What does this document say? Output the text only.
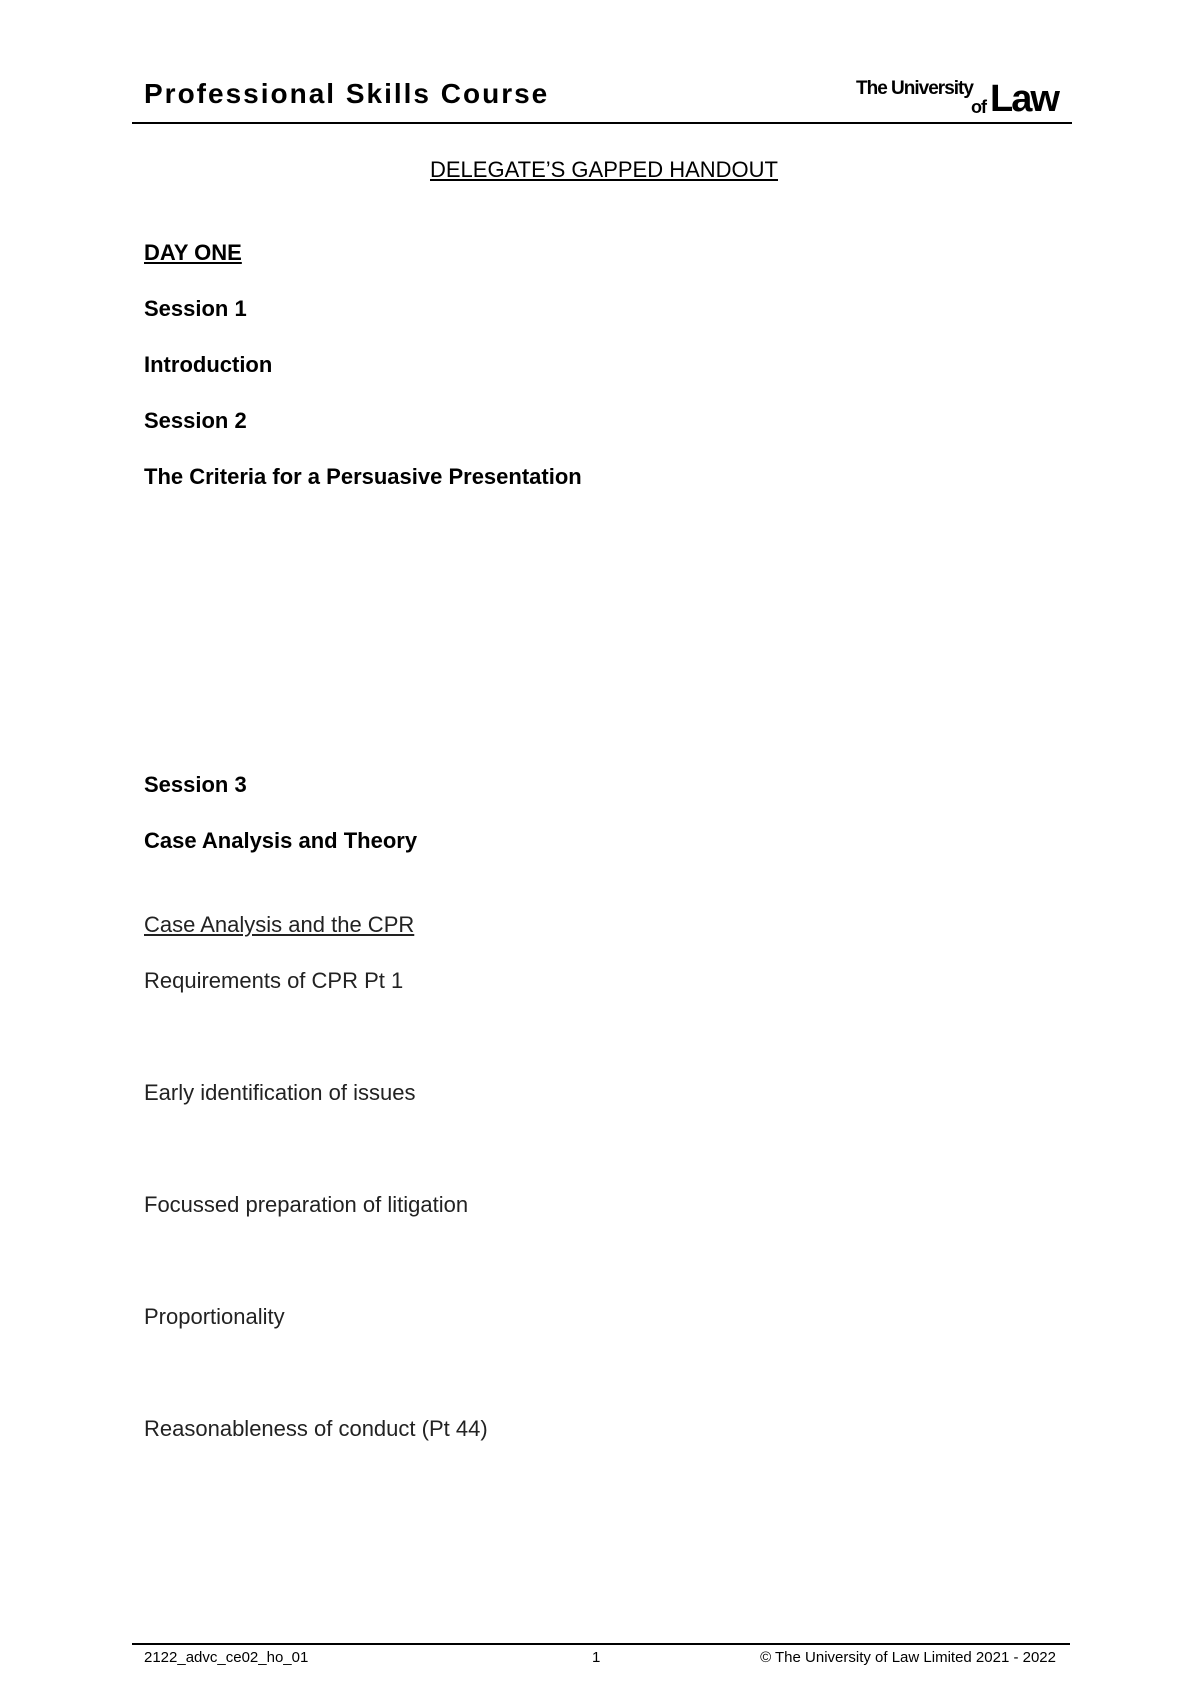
Professional Skills Course	The University
of Law
DELEGATE’S GAPPED HANDOUT
DAY ONE
Session 1
Introduction
Session 2
The Criteria for a Persuasive Presentation
Session 3
Case Analysis and Theory
Case Analysis and the CPR
Requirements of CPR Pt 1
Early identification of issues
Focussed preparation of litigation
Proportionality
Reasonableness of conduct (Pt 44)
2122_advc_ce02_ho_01	1	© The University of Law Limited 2021 - 2022
